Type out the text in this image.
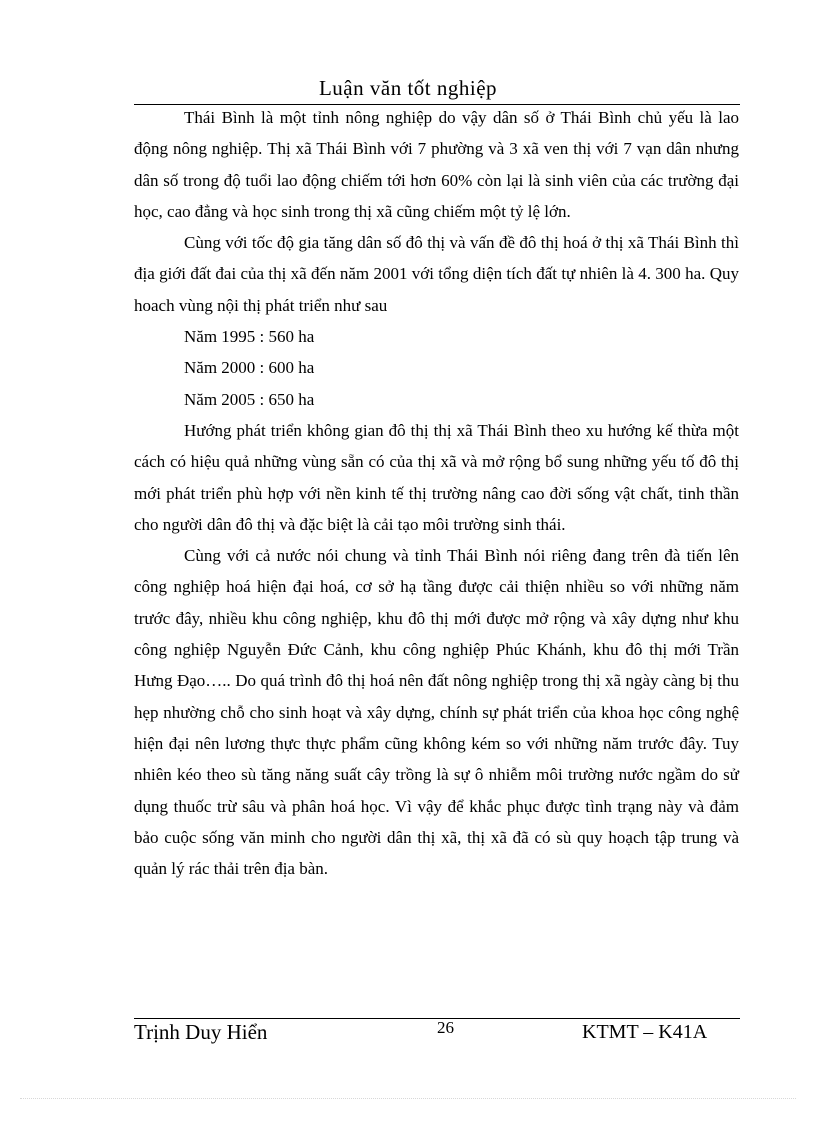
Luận văn tốt nghiệp

Thái Bình là một tỉnh nông nghiệp do vậy dân số ở Thái Bình chủ yếu là lao động nông nghiệp. Thị xã Thái Bình với 7 phường và 3 xã ven thị với 7 vạn dân nhưng dân số trong độ tuổi lao động chiếm tới hơn 60% còn lại là sinh viên của các trường đại học, cao đẳng và học sinh trong thị xã cũng chiếm một tỷ lệ lớn.

Cùng với tốc độ gia tăng dân số đô thị và vấn đề đô thị hoá ở thị xã Thái Bình thì địa giới đất đai của thị xã đến năm 2001 với tổng diện tích đất tự nhiên là 4. 300 ha. Quy hoach vùng nội thị phát triển như sau

Năm 1995 : 560 ha

Năm 2000 : 600 ha

Năm 2005 : 650 ha

Hướng phát triển không gian đô thị thị xã Thái Bình theo xu hướng kế thừa một cách có hiệu quả những vùng sẵn có của thị xã và mở rộng bổ sung những yếu tố đô thị mới phát triển phù hợp với nền kinh tế thị trường nâng cao đời sống vật chất, tinh thần cho người dân đô thị và đặc biệt là cải tạo môi trường sinh thái.

Cùng với cả nước nói chung và tỉnh Thái Bình nói riêng đang trên đà tiến lên công nghiệp hoá hiện đại hoá, cơ sở hạ tầng được cải thiện nhiều so với những năm trước đây, nhiều khu công nghiệp, khu đô thị mới được mở rộng và xây dựng như khu công nghiệp Nguyễn Đức Cảnh, khu công nghiệp Phúc Khánh, khu đô thị mới Trần Hưng Đạo….. Do quá trình đô thị hoá nên đất nông nghiệp trong thị xã ngày càng bị thu hẹp nhường chỗ cho sinh hoạt và xây dựng, chính sự phát triển của khoa học công nghệ hiện đại nên lương thực thực phẩm cũng không kém so với những năm trước đây. Tuy nhiên kéo theo sù tăng năng suất cây trồng là sự ô nhiễm môi trường nước ngầm do sử dụng thuốc trừ sâu và phân hoá học. Vì vậy để khắc phục được tình trạng này và đảm bảo cuộc sống văn minh cho người dân thị xã, thị xã đã có sù quy hoạch tập trung và quản lý rác thải trên địa bàn.

Trịnh Duy Hiển	26	KTMT – K41A
